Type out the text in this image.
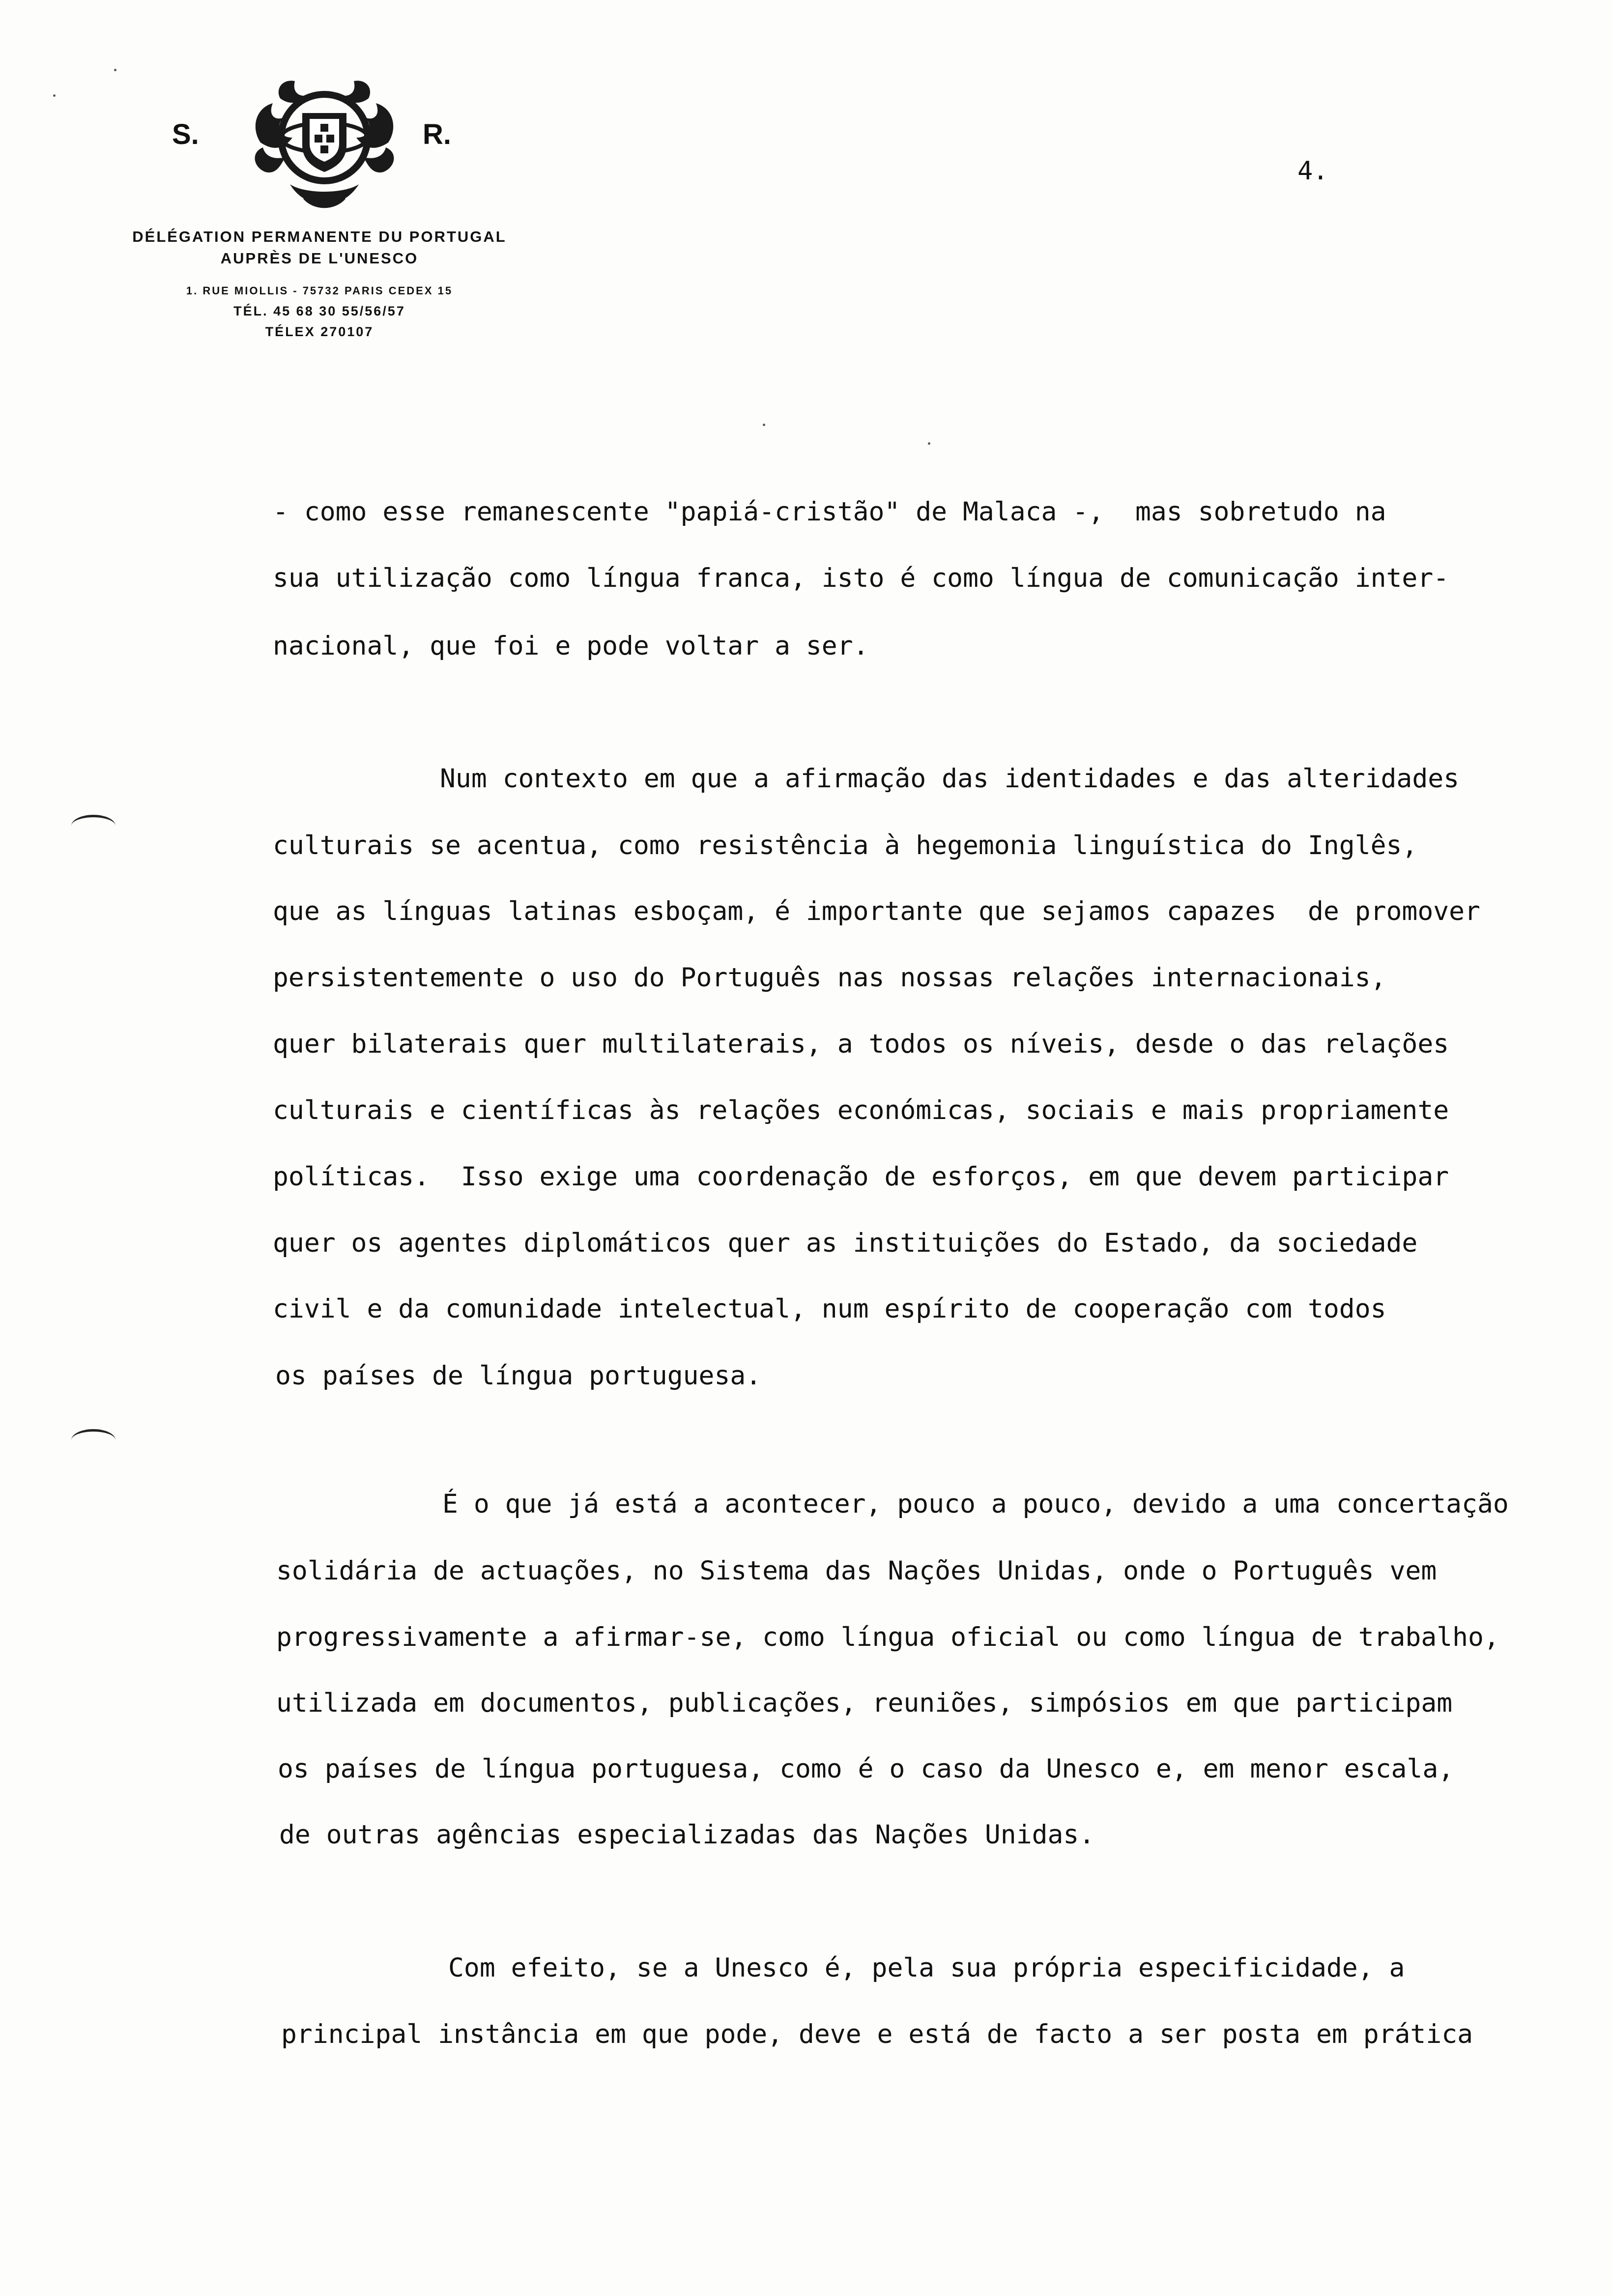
S.	R.
DÉLÉGATION PERMANENTE DU PORTUGAL
AUPRÈS DE L'UNESCO
1. RUE MIOLLIS - 75732 PARIS CEDEX 15
TÉL. 45 68 30 55/56/57
TÉLEX 270107
4.
- como esse remanescente "papiá-cristão" de Malaca -,  mas sobretudo na
sua utilização como língua franca, isto é como língua de comunicação inter-
nacional, que foi e pode voltar a ser.
Num contexto em que a afirmação das identidades e das alteridades
culturais se acentua, como resistência à hegemonia linguística do Inglês,
que as línguas latinas esboçam, é importante que sejamos capazes  de promover
persistentemente o uso do Português nas nossas relações internacionais,
quer bilaterais quer multilaterais, a todos os níveis, desde o das relações
culturais e científicas às relações económicas, sociais e mais propriamente
políticas.  Isso exige uma coordenação de esforços, em que devem participar
quer os agentes diplomáticos quer as instituições do Estado, da sociedade
civil e da comunidade intelectual, num espírito de cooperação com todos
os países de língua portuguesa.
É o que já está a acontecer, pouco a pouco, devido a uma concertação
solidária de actuações, no Sistema das Nações Unidas, onde o Português vem
progressivamente a afirmar-se, como língua oficial ou como língua de trabalho,
utilizada em documentos, publicações, reuniões, simpósios em que participam
os países de língua portuguesa, como é o caso da Unesco e, em menor escala,
de outras agências especializadas das Nações Unidas.
Com efeito, se a Unesco é, pela sua própria especificidade, a
principal instância em que pode, deve e está de facto a ser posta em prática
